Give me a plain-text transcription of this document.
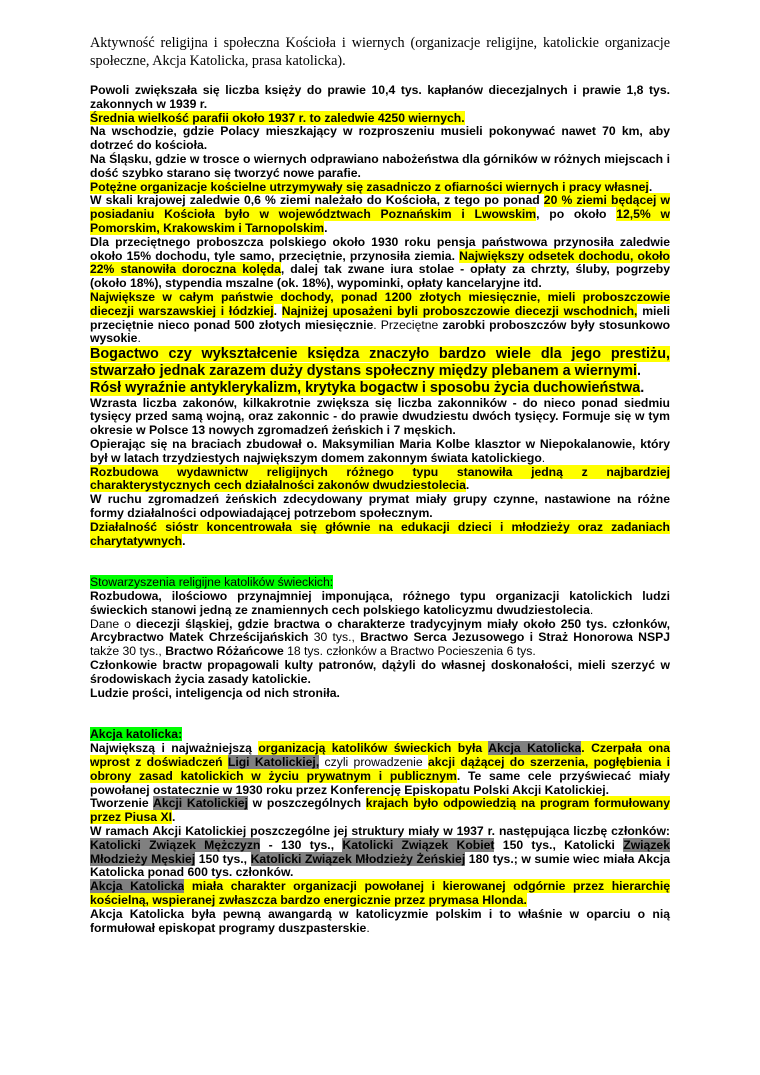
Aktywność religijna i społeczna Kościoła i wiernych (organizacje religijne, katolickie organizacje społeczne, Akcja Katolicka, prasa katolicka).

Powoli zwiększała się liczba księży do prawie 10,4 tys. kapłanów diecezjalnych i prawie 1,8 tys. zakonnych w 1939 r.

Średnia wielkość parafii około 1937 r. to zaledwie 4250 wiernych.

Na wschodzie, gdzie Polacy mieszkający w rozproszeniu musieli pokonywać nawet 70 km, aby dotrzeć do kościoła.

Na Śląsku, gdzie w trosce o wiernych odprawiano nabożeństwa dla górników w różnych miejscach i dość szybko starano się tworzyć nowe parafie.

Potężne organizacje kościelne utrzymywały się zasadniczo z ofiarności wiernych i pracy własnej.

W skali krajowej zaledwie 0,6 % ziemi należało do Kościoła, z tego po ponad 20 % ziemi będącej w posiadaniu Kościoła było w województwach Poznańskim i Lwowskim, po około 12,5% w Pomorskim, Krakowskim i Tarnopolskim.

Dla przeciętnego proboszcza polskiego około 1930 roku pensja państwowa przynosiła zaledwie około 15% dochodu, tyle samo, przeciętnie, przynosiła ziemia. Największy odsetek dochodu, około 22% stanowiła doroczna kolęda, dalej tak zwane iura stolae - opłaty za chrzty, śluby, pogrzeby (około 18%), stypendia mszalne (ok. 18%), wypominki, opłaty kancelaryjne itd.

Największe w całym państwie dochody, ponad 1200 złotych miesięcznie, mieli proboszczowie diecezji warszawskiej i łódzkiej. Najniżej uposażeni byli proboszczowie diecezji wschodnich, mieli przeciętnie nieco ponad 500 złotych miesięcznie. Przeciętne zarobki proboszczów były stosunkowo wysokie.

Bogactwo czy wykształcenie księdza znaczyło bardzo wiele dla jego prestiżu, stwarzało jednak zarazem duży dystans społeczny między plebanem a wiernymi.

Rósł wyraźnie antyklerykalizm, krytyka bogactw i sposobu życia duchowieństwa.

Wzrasta liczba zakonów, kilkakrotnie zwiększa się liczba zakonników - do nieco ponad siedmiu tysięcy przed samą wojną, oraz zakonnic - do prawie dwudziestu dwóch tysięcy. Formuje się w tym okresie w Polsce 13 nowych zgromadzeń żeńskich i 7 męskich.

Opierając się na braciach zbudował o. Maksymilian Maria Kolbe klasztor w Niepokalanowie, który był w latach trzydziestych największym domem zakonnym świata katolickiego.

Rozbudowa wydawnictw religijnych różnego typu stanowiła jedną z najbardziej charakterystycznych cech działalności zakonów dwudziestolecia.

W ruchu zgromadzeń żeńskich zdecydowany prymat miały grupy czynne, nastawione na różne formy działalności odpowiadającej potrzebom społecznym.

Działalność sióstr koncentrowała się głównie na edukacji dzieci i młodzieży oraz zadaniach charytatywnych.

Stowarzyszenia religijne katolików świeckich:

Rozbudowa, ilościowo przynajmniej imponująca, różnego typu organizacji katolickich ludzi świeckich stanowi jedną ze znamiennych cech polskiego katolicyzmu dwudziestolecia.

Dane o diecezji śląskiej, gdzie bractwa o charakterze tradycyjnym miały około 250 tys. członków, Arcybractwo Matek Chrześcijańskich 30 tys., Bractwo Serca Jezusowego i Straż Honorowa NSPJ także 30 tys., Bractwo Różańcowe 18 tys. członków a Bractwo Pocieszenia 6 tys.

Członkowie bractw propagowali kulty patronów, dążyli do własnej doskonałości, mieli szerzyć w środowiskach życia zasady katolickie.

Ludzie prości, inteligencja od nich stroniła.

Akcja katolicka:

Największą i najważniejszą organizacją katolików świeckich była Akcja Katolicka. Czerpała ona wprost z doświadczeń Ligi Katolickiej, czyli prowadzenie akcji dążącej do szerzenia, pogłębienia i obrony zasad katolickich w życiu prywatnym i publicznym. Te same cele przyświecać miały powołanej ostatecznie w 1930 roku przez Konferencję Episkopatu Polski Akcji Katolickiej.

Tworzenie Akcji Katolickiej w poszczególnych krajach było odpowiedzią na program formułowany przez Piusa XI.

W ramach Akcji Katolickiej poszczególne jej struktury miały w 1937 r. następująca liczbę członków: Katolicki Związek Mężczyzn - 130 tys., Katolicki Związek Kobiet 150 tys., Katolicki Związek Młodzieży Męskiej 150 tys., Katolicki Związek Młodzieży Żeńskiej 180 tys.; w sumie wiec miała Akcja Katolicka ponad 600 tys. członków.

Akcja Katolicka miała charakter organizacji powołanej i kierowanej odgórnie przez hierarchię kościelną, wspieranej zwłaszcza bardzo energicznie przez prymasa Hlonda.

Akcja Katolicka była pewną awangardą w katolicyzmie polskim i to właśnie w oparciu o nią formułował episkopat programy duszpasterskie.
